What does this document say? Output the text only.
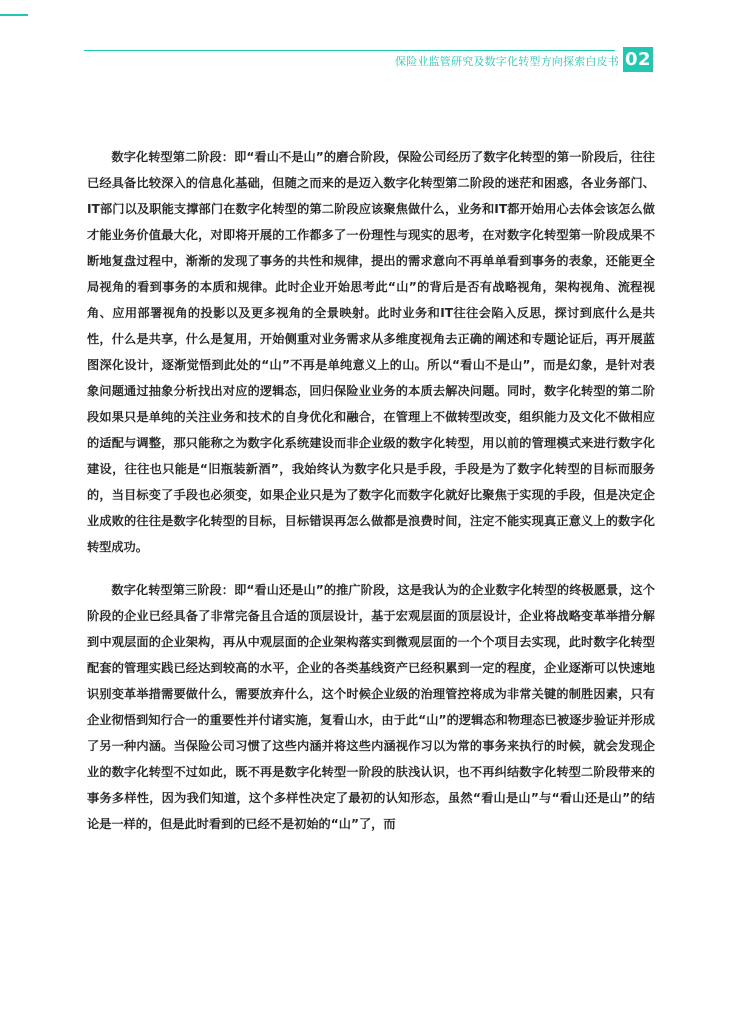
保险业监管研究及数字化转型方向探索白皮书 02

数字化转型第二阶段：即“看山不是山”的磨合阶段，保险公司经历了数字化转型的第一阶段后，往往已经具备比较深入的信息化基础，但随之而来的是迈入数字化转型第二阶段的迷茫和困惑，各业务部门、IT部门以及职能支撑部门在数字化转型的第二阶段应该聚焦做什么，业务和IT都开始用心去体会该怎么做才能业务价值最大化，对即将开展的工作都多了一份理性与现实的思考，在对数字化转型第一阶段成果不断地复盘过程中，渐渐的发现了事务的共性和规律，提出的需求意向不再单单看到事务的表象，还能更全局视角的看到事务的本质和规律。此时企业开始思考此“山”的背后是否有战略视角，架构视角、流程视角、应用部署视角的投影以及更多视角的全景映射。此时业务和IT往往会陷入反思，探讨到底什么是共性，什么是共享，什么是复用，开始侧重对业务需求从多维度视角去正确的阐述和专题论证后，再开展蓝图深化设计，逐渐觉悟到此处的“山”不再是单纯意义上的山。所以“看山不是山”，而是幻象，是针对表象问题通过抽象分析找出对应的逻辑态，回归保险业业务的本质去解决问题。同时，数字化转型的第二阶段如果只是单纯的关注业务和技术的自身优化和融合，在管理上不做转型改变，组织能力及文化不做相应的适配与调整，那只能称之为数字化系统建设而非企业级的数字化转型，用以前的管理模式来进行数字化建设，往往也只能是“旧瓶装新酒”，我始终认为数字化只是手段，手段是为了数字化转型的目标而服务的，当目标变了手段也必须变，如果企业只是为了数字化而数字化就好比聚焦于实现的手段，但是决定企业成败的往往是数字化转型的目标，目标错误再怎么做都是浪费时间，注定不能实现真正意义上的数字化转型成功。

数字化转型第三阶段：即“看山还是山”的推广阶段，这是我认为的企业数字化转型的终极愿景，这个阶段的企业已经具备了非常完备且合适的顶层设计，基于宏观层面的顶层设计，企业将战略变革举措分解到中观层面的企业架构，再从中观层面的企业架构落实到微观层面的一个个项目去实现，此时数字化转型配套的管理实践已经达到较高的水平，企业的各类基线资产已经积累到一定的程度，企业逐渐可以快速地识别变革举措需要做什么，需要放弃什么，这个时候企业级的治理管控将成为非常关键的制胜因素，只有企业彻悟到知行合一的重要性并付诸实施，复看山水，由于此“山”的逻辑态和物理态已被逐步验证并形成了另一种内涵。当保险公司习惯了这些内涵并将这些内涵视作习以为常的事务来执行的时候，就会发现企业的数字化转型不过如此，既不再是数字化转型一阶段的肤浅认识，也不再纠结数字化转型二阶段带来的事务多样性，因为我们知道，这个多样性决定了最初的认知形态，虽然“看山是山”与“看山还是山”的结论是一样的，但是此时看到的已经不是初始的“山”了，而
